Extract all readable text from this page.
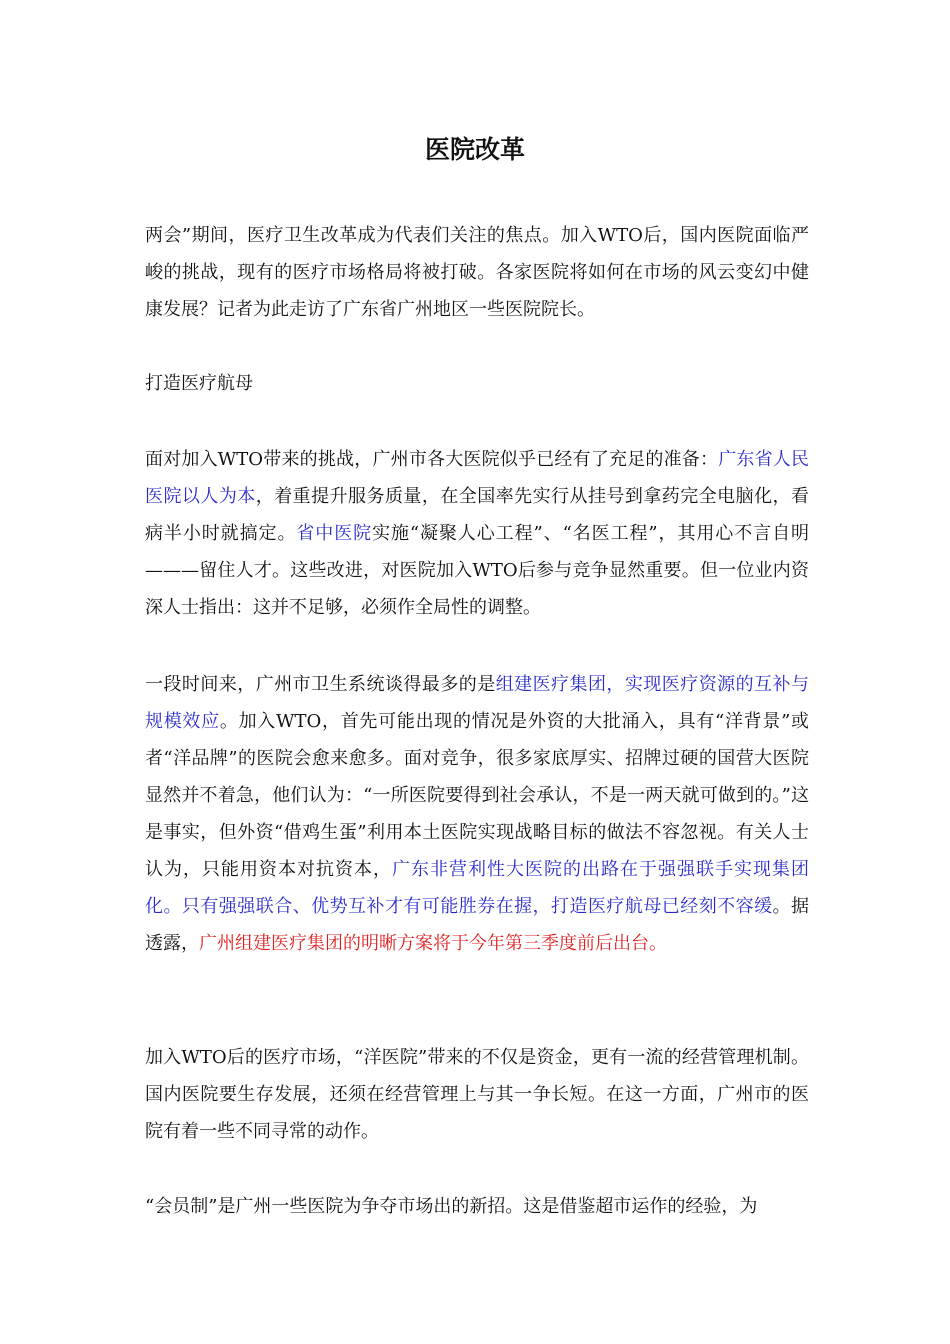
医院改革

两会”期间，医疗卫生改革成为代表们关注的焦点。加入WTO后，国内医院面临严峻的挑战，现有的医疗市场格局将被打破。各家医院将如何在市场的风云变幻中健康发展？记者为此走访了广东省广州地区一些医院院长。

打造医疗航母

面对加入WTO带来的挑战，广州市各大医院似乎已经有了充足的准备：广东省人民医院以人为本，着重提升服务质量，在全国率先实行从挂号到拿药完全电脑化，看病半小时就搞定。省中医院实施“凝聚人心工程”、“名医工程”，其用心不言自明———留住人才。这些改进，对医院加入WTO后参与竞争显然重要。但一位业内资深人士指出：这并不足够，必须作全局性的调整。

一段时间来，广州市卫生系统谈得最多的是组建医疗集团，实现医疗资源的互补与规模效应。加入WTO，首先可能出现的情况是外资的大批涌入，具有“洋背景”或者“洋品牌”的医院会愈来愈多。面对竞争，很多家底厚实、招牌过硬的国营大医院显然并不着急，他们认为：“一所医院要得到社会承认，不是一两天就可做到的。”这是事实，但外资“借鸡生蛋”利用本土医院实现战略目标的做法不容忽视。有关人士认为，只能用资本对抗资本，广东非营利性大医院的出路在于强强联手实现集团化。只有强强联合、优势互补才有可能胜券在握，打造医疗航母已经刻不容缓。据透露，广州组建医疗集团的明晰方案将于今年第三季度前后出台。

加入WTO后的医疗市场，“洋医院”带来的不仅是资金，更有一流的经营管理机制。国内医院要生存发展，还须在经营管理上与其一争长短。在这一方面，广州市的医院有着一些不同寻常的动作。

“会员制”是广州一些医院为争夺市场出的新招。这是借鉴超市运作的经验，为
